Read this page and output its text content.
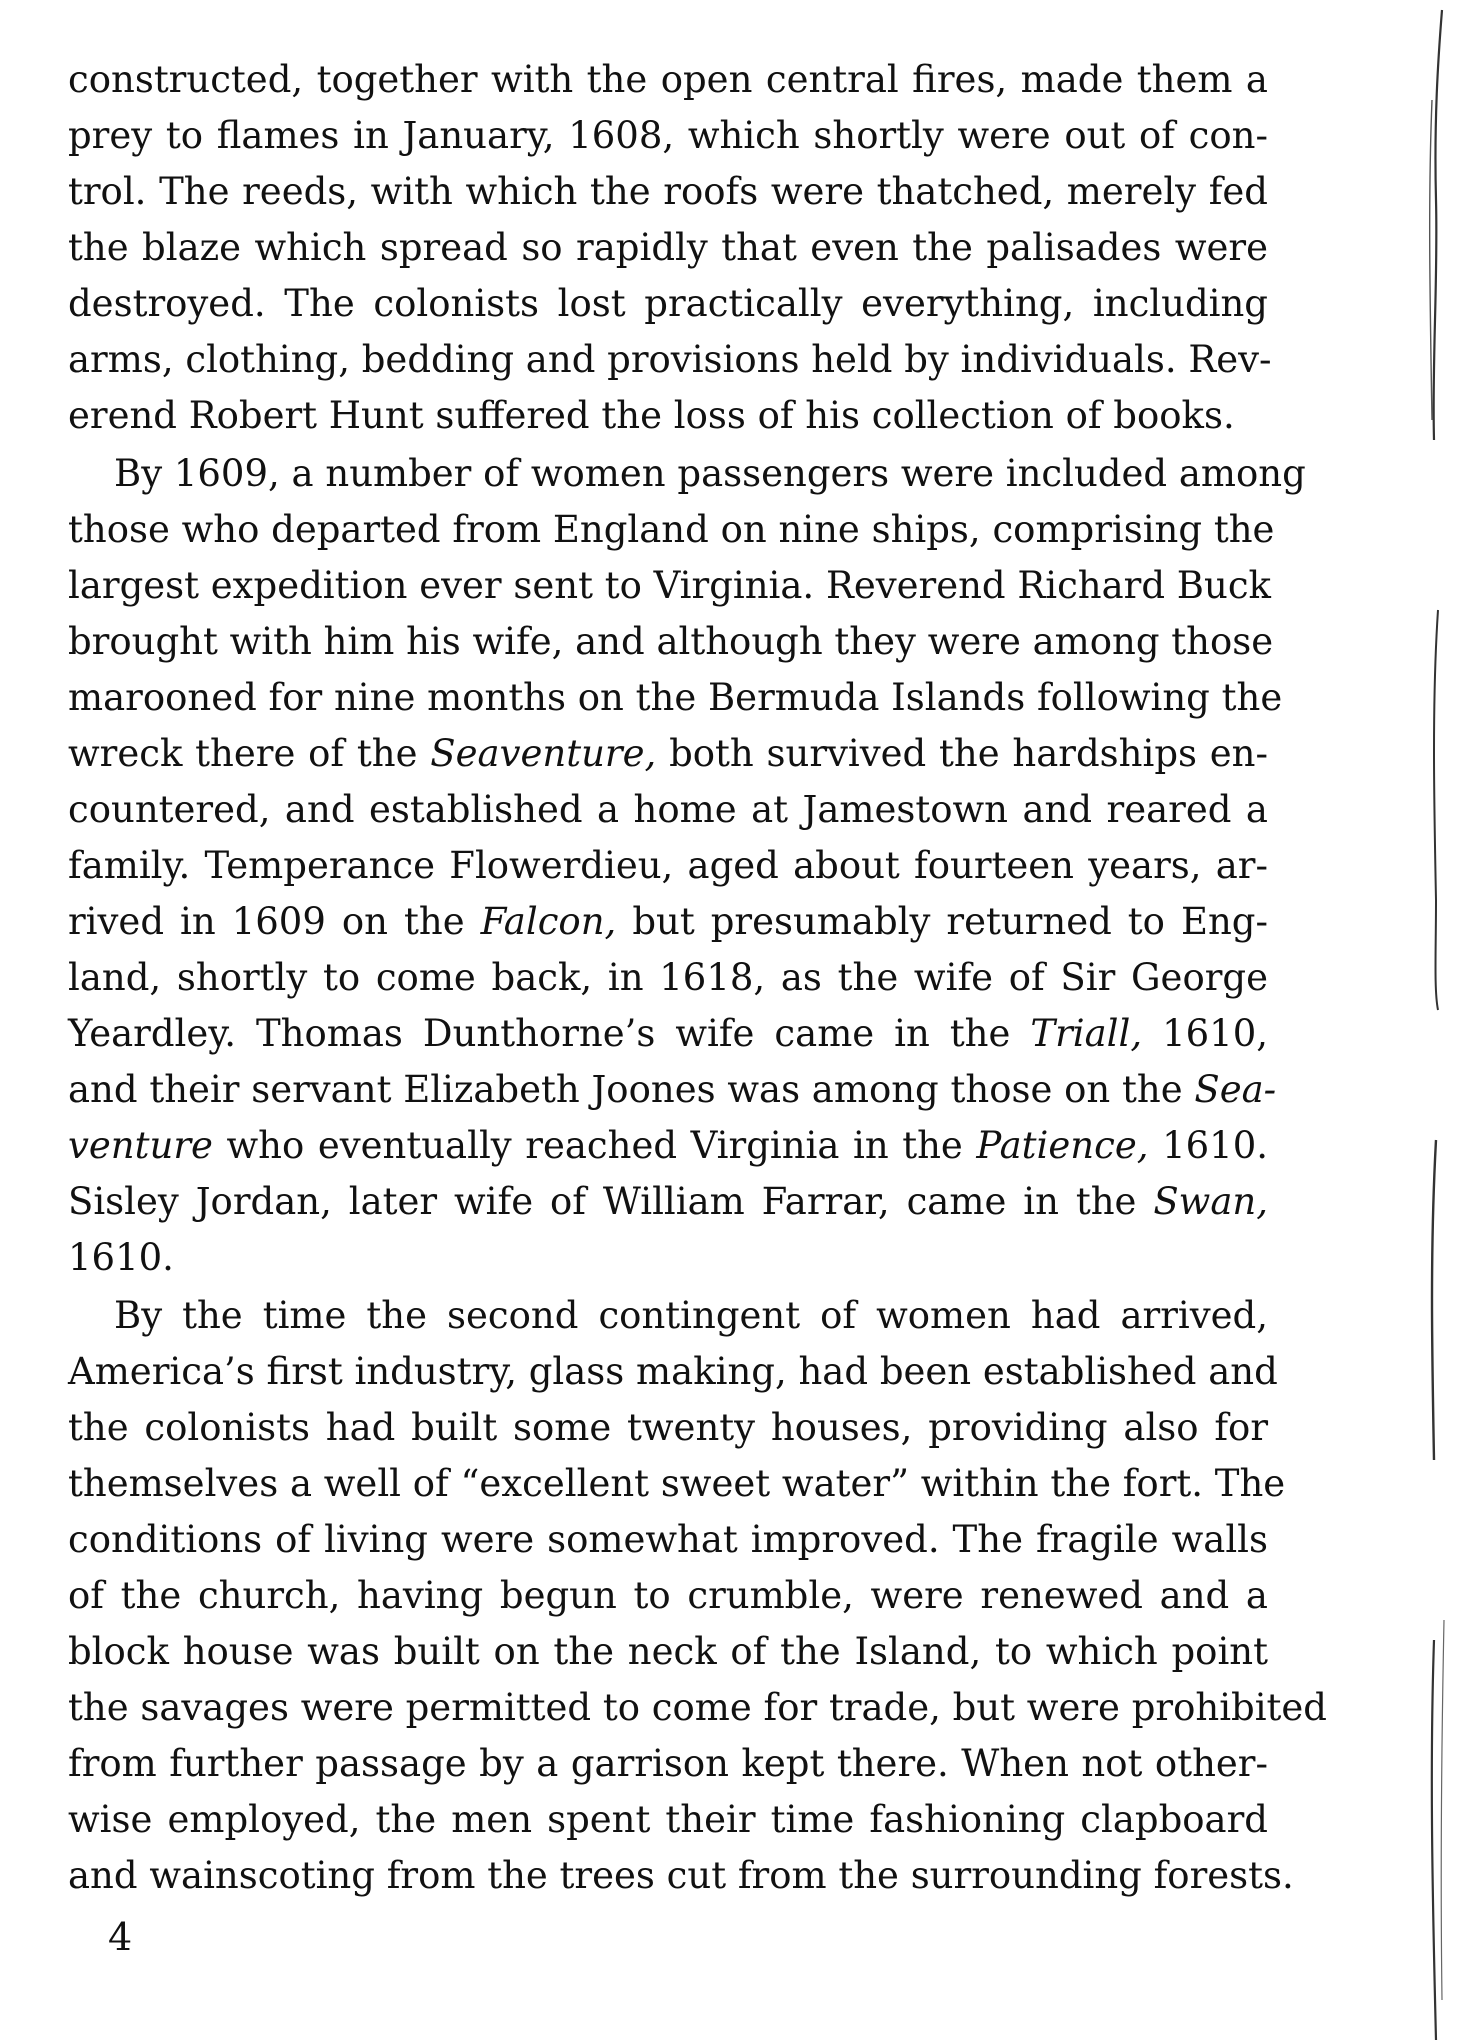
constructed, together with the open central fires, made them a
prey to flames in January, 1608, which shortly were out of con-
trol. The reeds, with which the roofs were thatched, merely fed
the blaze which spread so rapidly that even the palisades were
destroyed. The colonists lost practically everything, including
arms, clothing, bedding and provisions held by individuals. Rev-
erend Robert Hunt suffered the loss of his collection of books.

By 1609, a number of women passengers were included among
those who departed from England on nine ships, comprising the
largest expedition ever sent to Virginia. Reverend Richard Buck
brought with him his wife, and although they were among those
marooned for nine months on the Bermuda Islands following the
wreck there of the Seaventure, both survived the hardships en-
countered, and established a home at Jamestown and reared a
family. Temperance Flowerdieu, aged about fourteen years, ar-
rived in 1609 on the Falcon, but presumably returned to Eng-
land, shortly to come back, in 1618, as the wife of Sir George
Yeardley. Thomas Dunthorne’s wife came in the Triall, 1610,
and their servant Elizabeth Joones was among those on the Sea-
venture who eventually reached Virginia in the Patience, 1610.
Sisley Jordan, later wife of William Farrar, came in the Swan,
1610.

By the time the second contingent of women had arrived,
America’s first industry, glass making, had been established and
the colonists had built some twenty houses, providing also for
themselves a well of “excellent sweet water” within the fort. The
conditions of living were somewhat improved. The fragile walls
of the church, having begun to crumble, were renewed and a
block house was built on the neck of the Island, to which point
the savages were permitted to come for trade, but were prohibited
from further passage by a garrison kept there. When not other-
wise employed, the men spent their time fashioning clapboard
and wainscoting from the trees cut from the surrounding forests.

4
